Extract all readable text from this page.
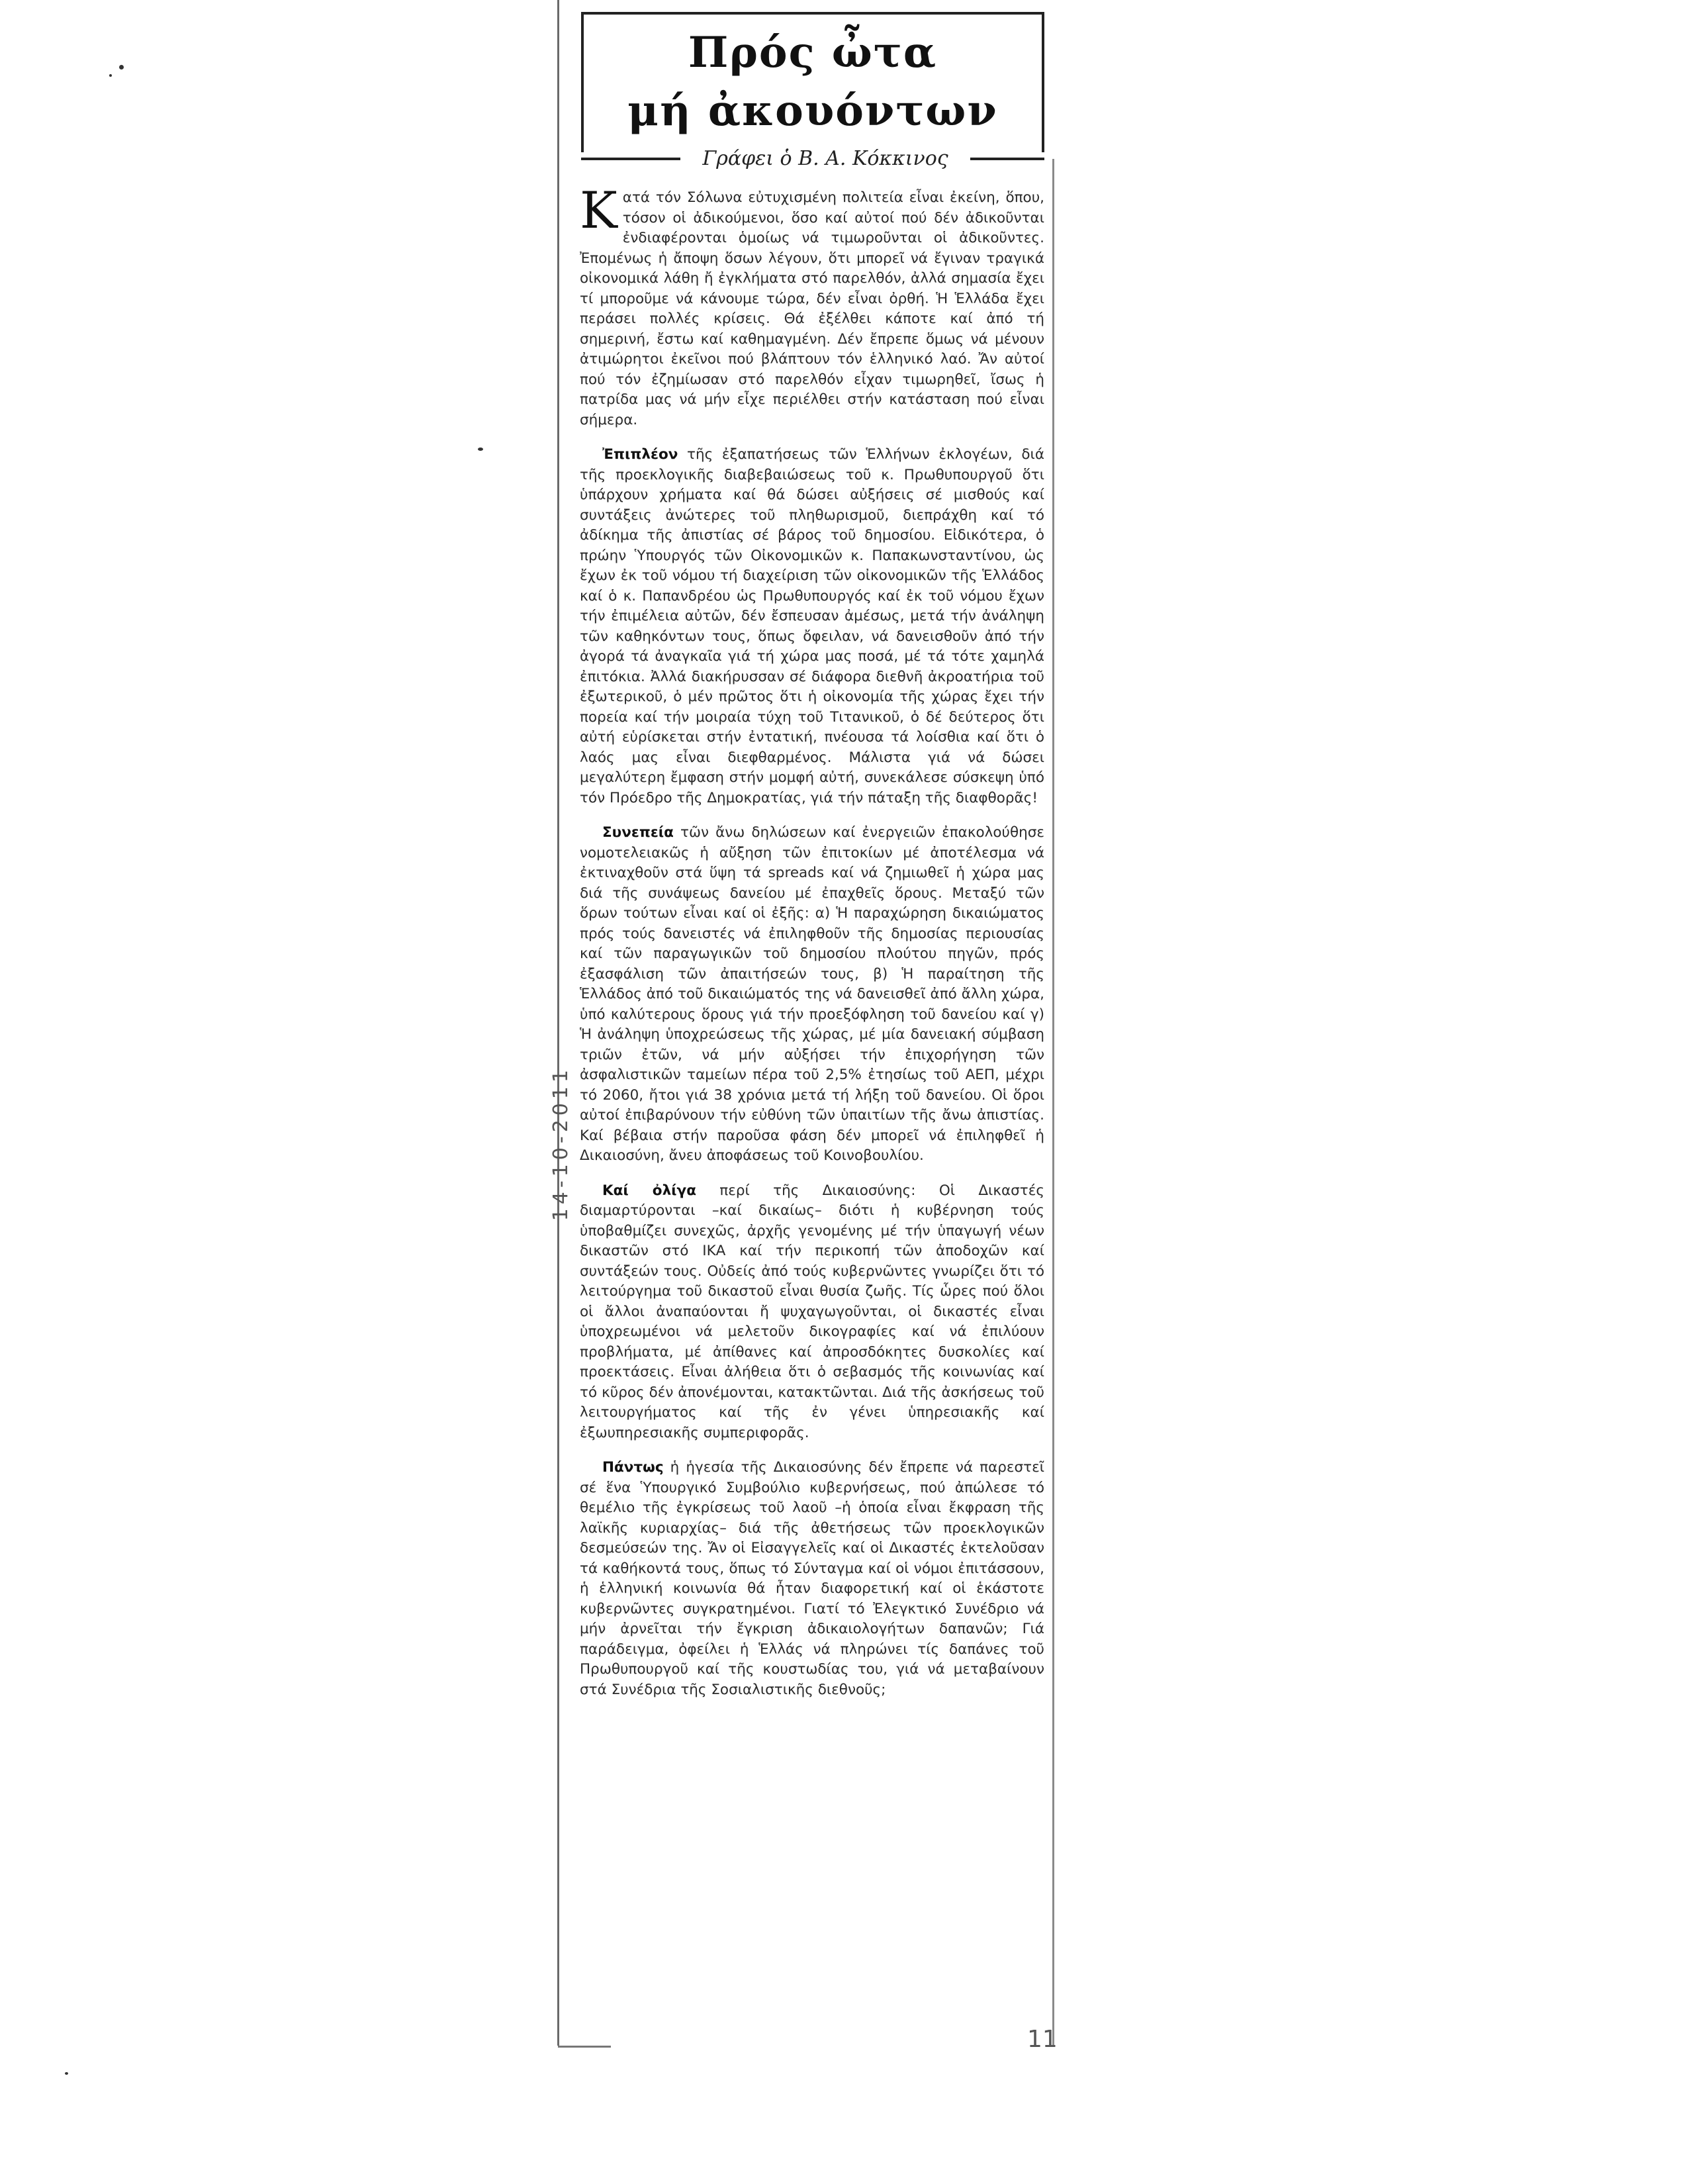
Πρός ὦτα
μή ἀκουόντων
Γράφει ὁ Β. Α. Κόκκινος

Κατά τόν Σόλωνα εὐτυχισμένη πολιτεία εἶναι ἐκείνη, ὅπου, τόσον οἱ ἀδικούμενοι, ὅσο καί αὐτοί πού δέν ἀδικοῦνται ἐνδιαφέρονται ὁμοίως νά τιμωροῦνται οἱ ἀδικοῦντες. Ἐπομένως ἡ ἄποψη ὅσων λέγουν, ὅτι μπορεῖ νά ἔγιναν τραγικά οἰκονομικά λάθη ἤ ἐγκλήματα στό παρελθόν, ἀλλά σημασία ἔχει τί μποροῦμε νά κάνουμε τώρα, δέν εἶναι ὀρθή. Ἡ Ἑλλάδα ἔχει περάσει πολλές κρίσεις. Θά ἐξέλθει κάποτε καί ἀπό τή σημερινή, ἔστω καί καθημαγμένη. Δέν ἔπρεπε ὅμως νά μένουν ἀτιμώρητοι ἐκεῖνοι πού βλάπτουν τόν ἑλληνικό λαό. Ἄν αὐτοί πού τόν ἐζημίωσαν στό παρελθόν εἶχαν τιμωρηθεῖ, ἴσως ἡ πατρίδα μας νά μήν εἶχε περιέλθει στήν κατάσταση πού εἶναι σήμερα.

Ἐπιπλέον τῆς ἐξαπατήσεως τῶν Ἑλλήνων ἐκλογέων, διά τῆς προεκλογικῆς διαβεβαιώσεως τοῦ κ. Πρωθυπουργοῦ ὅτι ὑπάρχουν χρήματα καί θά δώσει αὐξήσεις σέ μισθούς καί συντάξεις ἀνώτερες τοῦ πληθωρισμοῦ, διεπράχθη καί τό ἀδίκημα τῆς ἀπιστίας σέ βάρος τοῦ δημοσίου. Εἰδικότερα, ὁ πρώην Ὑπουργός τῶν Οἰκονομικῶν κ. Παπακωνσταντίνου, ὡς ἔχων ἐκ τοῦ νόμου τή διαχείριση τῶν οἰκονομικῶν τῆς Ἑλλάδος καί ὁ κ. Παπανδρέου ὡς Πρωθυπουργός καί ἐκ τοῦ νόμου ἔχων τήν ἐπιμέλεια αὐτῶν, δέν ἔσπευσαν ἀμέσως, μετά τήν ἀνάληψη τῶν καθηκόντων τους, ὅπως ὄφειλαν, νά δανεισθοῦν ἀπό τήν ἀγορά τά ἀναγκαῖα γιά τή χώρα μας ποσά, μέ τά τότε χαμηλά ἐπιτόκια. Ἀλλά διακήρυσσαν σέ διάφορα διεθνῆ ἀκροατήρια τοῦ ἐξωτερικοῦ, ὁ μέν πρῶτος ὅτι ἡ οἰκονομία τῆς χώρας ἔχει τήν πορεία καί τήν μοιραία τύχη τοῦ Τιτανικοῦ, ὁ δέ δεύτερος ὅτι αὐτή εὑρίσκεται στήν ἐντατική, πνέουσα τά λοίσθια καί ὅτι ὁ λαός μας εἶναι διεφθαρμένος. Μάλιστα γιά νά δώσει μεγαλύτερη ἔμφαση στήν μομφή αὐτή, συνεκάλεσε σύσκεψη ὑπό τόν Πρόεδρο τῆς Δημοκρατίας, γιά τήν πάταξη τῆς διαφθορᾶς!

Συνεπεία τῶν ἄνω δηλώσεων καί ἐνεργειῶν ἐπακολούθησε νομοτελειακῶς ἡ αὔξηση τῶν ἐπιτοκίων μέ ἀποτέλεσμα νά ἐκτιναχθοῦν στά ὕψη τά spreads καί νά ζημιωθεῖ ἡ χώρα μας διά τῆς συνάψεως δανείου μέ ἐπαχθεῖς ὅρους. Μεταξύ τῶν ὅρων τούτων εἶναι καί οἱ ἐξῆς: α) Ἡ παραχώρηση δικαιώματος πρός τούς δανειστές νά ἐπιληφθοῦν τῆς δημοσίας περιουσίας καί τῶν παραγωγικῶν τοῦ δημοσίου πλούτου πηγῶν, πρός ἐξασφάλιση τῶν ἀπαιτήσεών τους, β) Ἡ παραίτηση τῆς Ἑλλάδος ἀπό τοῦ δικαιώματός της νά δανεισθεῖ ἀπό ἄλλη χώρα, ὑπό καλύτερους ὅρους γιά τήν προεξόφληση τοῦ δανείου καί γ) Ἡ ἀνάληψη ὑποχρεώσεως τῆς χώρας, μέ μία δανειακή σύμβαση τριῶν ἐτῶν, νά μήν αὐξήσει τήν ἐπιχορήγηση τῶν ἀσφαλιστικῶν ταμείων πέρα τοῦ 2,5% ἐτησίως τοῦ ΑΕΠ, μέχρι τό 2060, ἤτοι γιά 38 χρόνια μετά τή λήξη τοῦ δανείου. Οἱ ὅροι αὐτοί ἐπιβαρύνουν τήν εὐθύνη τῶν ὑπαιτίων τῆς ἄνω ἀπιστίας. Καί βέβαια στήν παροῦσα φάση δέν μπορεῖ νά ἐπιληφθεῖ ἡ Δικαιοσύνη, ἄνευ ἀποφάσεως τοῦ Κοινοβουλίου.

Καί ὀλίγα περί τῆς Δικαιοσύνης: Οἱ Δικαστές διαμαρτύρονται –καί δικαίως– διότι ἡ κυβέρνηση τούς ὑποβαθμίζει συνεχῶς, ἀρχῆς γενομένης μέ τήν ὑπαγωγή νέων δικαστῶν στό ΙΚΑ καί τήν περικοπή τῶν ἀποδοχῶν καί συντάξεών τους. Οὐδείς ἀπό τούς κυβερνῶντες γνωρίζει ὅτι τό λειτούργημα τοῦ δικαστοῦ εἶναι θυσία ζωῆς. Τίς ὧρες πού ὅλοι οἱ ἄλλοι ἀναπαύονται ἤ ψυχαγωγοῦνται, οἱ δικαστές εἶναι ὑποχρεωμένοι νά μελετοῦν δικογραφίες καί νά ἐπιλύουν προβλήματα, μέ ἀπίθανες καί ἀπροσδόκητες δυσκολίες καί προεκτάσεις. Εἶναι ἀλήθεια ὅτι ὁ σεβασμός τῆς κοινωνίας καί τό κῦρος δέν ἀπονέμονται, κατακτῶνται. Διά τῆς ἀσκήσεως τοῦ λειτουργήματος καί τῆς ἐν γένει ὑπηρεσιακῆς καί ἐξωυπηρεσιακῆς συμπεριφορᾶς.

Πάντως ἡ ἡγεσία τῆς Δικαιοσύνης δέν ἔπρεπε νά παρεστεῖ σέ ἕνα Ὑπουργικό Συμβούλιο κυβερνήσεως, πού ἀπώλεσε τό θεμέλιο τῆς ἐγκρίσεως τοῦ λαοῦ –ἡ ὁποία εἶναι ἔκφραση τῆς λαϊκῆς κυριαρχίας– διά τῆς ἀθετήσεως τῶν προεκλογικῶν δεσμεύσεών της. Ἄν οἱ Εἰσαγγελεῖς καί οἱ Δικαστές ἐκτελοῦσαν τά καθήκοντά τους, ὅπως τό Σύνταγμα καί οἱ νόμοι ἐπιτάσσουν, ἡ ἑλληνική κοινωνία θά ἦταν διαφορετική καί οἱ ἑκάστοτε κυβερνῶντες συγκρατημένοι. Γιατί τό Ἐλεγκτικό Συνέδριο νά μήν ἀρνεῖται τήν ἔγκριση ἀδικαιολογήτων δαπανῶν; Γιά παράδειγμα, ὀφείλει ἡ Ἑλλάς νά πληρώνει τίς δαπάνες τοῦ Πρωθυπουργοῦ καί τῆς κουστωδίας του, γιά νά μεταβαίνουν στά Συνέδρια τῆς Σοσιαλιστικῆς διεθνοῦς;

14-10-2011
11
